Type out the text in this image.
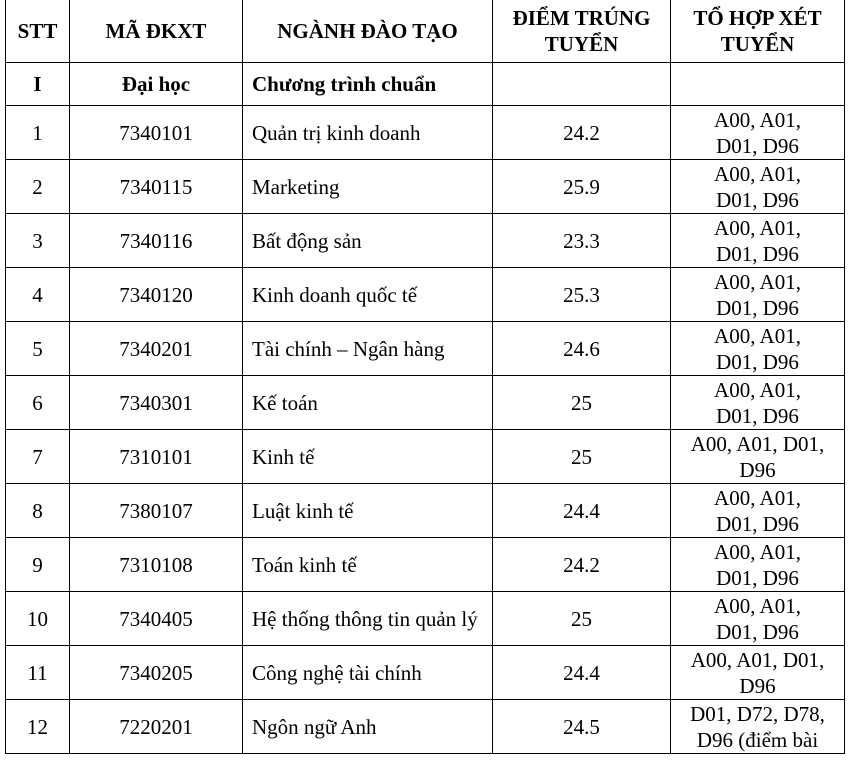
STT	MÃ ĐKXT	NGÀNH ĐÀO TẠO	ĐIỂM TRÚNG TUYỂN	TỔ HỢP XÉT TUYỂN
I	Đại học	Chương trình chuẩn		
1	7340101	Quản trị kinh doanh	24.2	A00, A01,
D01, D96

2	7340115	Marketing	25.9	A00, A01,
D01, D96

3	7340116	Bất động sản	23.3	A00, A01,
D01, D96

4	7340120	Kinh doanh quốc tế	25.3	A00, A01,
D01, D96

5	7340201	Tài chính – Ngân hàng	24.6	A00, A01,
D01, D96

6	7340301	Kế toán	25	A00, A01,
D01, D96

7	7310101	Kinh tế	25	A00, A01, D01,
D96

8	7380107	Luật kinh tế	24.4	A00, A01,
D01, D96

9	7310108	Toán kinh tế	24.2	A00, A01,
D01, D96

10	7340405	Hệ thống thông tin quản lý	25	A00, A01,
D01, D96

11	7340205	Công nghệ tài chính	24.4	A00, A01, D01,
D96

12	7220201	Ngôn ngữ Anh	24.5	D01, D72, D78,
D96 (điểm bài
